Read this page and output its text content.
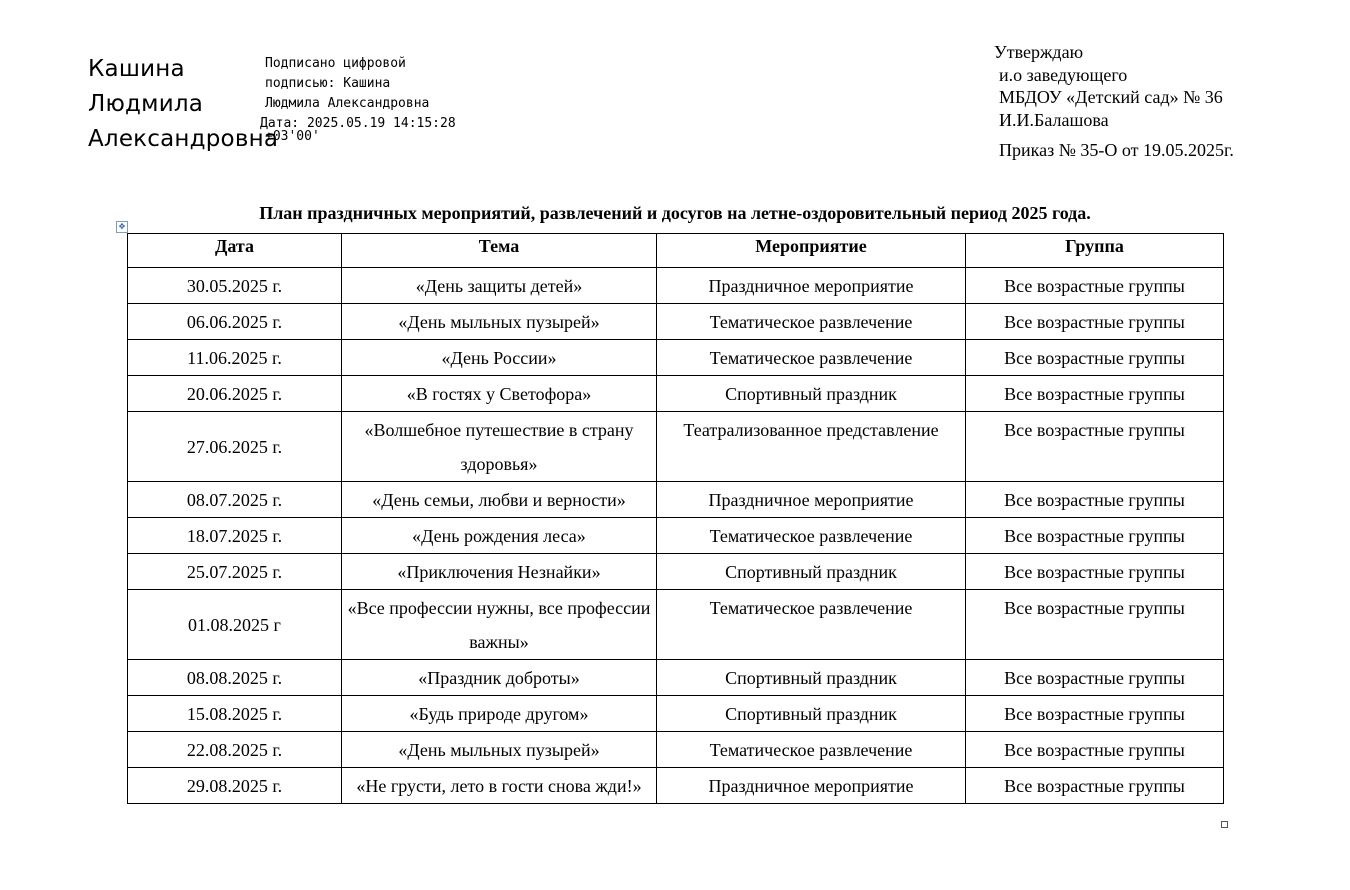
Кашина
Людмила
Александровна
Подписано цифровой
подписью: Кашина
Людмила Александровна
Дата: 2025.05.19 14:15:28
+03'00'
Утверждаю
и.о заведующего
МБДОУ «Детский сад» № 36
И.И.Балашова
Приказ № 35-О от 19.05.2025г.
План праздничных мероприятий, развлечений и досугов на летне-оздоровительный период 2025 года.
✥
Дата	Тема	Мероприятие	Группа
30.05.2025 г.	«День защиты детей»	Праздничное мероприятие	Все возрастные группы
06.06.2025 г.	«День мыльных пузырей»	Тематическое развлечение	Все возрастные группы
11.06.2025 г.	«День России»	Тематическое развлечение	Все возрастные группы
20.06.2025 г.	«В гостях у Светофора»	Спортивный праздник	Все возрастные группы
27.06.2025 г.	«Волшебное путешествие в страну здоровья»	Театрализованное представление	Все возрастные группы
08.07.2025 г.	«День семьи, любви и верности»	Праздничное мероприятие	Все возрастные группы
18.07.2025 г.	«День рождения леса»	Тематическое развлечение	Все возрастные группы
25.07.2025 г.	«Приключения Незнайки»	Спортивный праздник	Все возрастные группы
01.08.2025 г	«Все профессии нужны, все профессии важны»	Тематическое развлечение	Все возрастные группы
08.08.2025 г.	«Праздник доброты»	Спортивный праздник	Все возрастные группы
15.08.2025 г.	«Будь природе другом»	Спортивный праздник	Все возрастные группы
22.08.2025 г.	«День мыльных пузырей»	Тематическое развлечение	Все возрастные группы
29.08.2025 г.	«Не грусти, лето в гости снова жди!»	Праздничное мероприятие	Все возрастные группы
